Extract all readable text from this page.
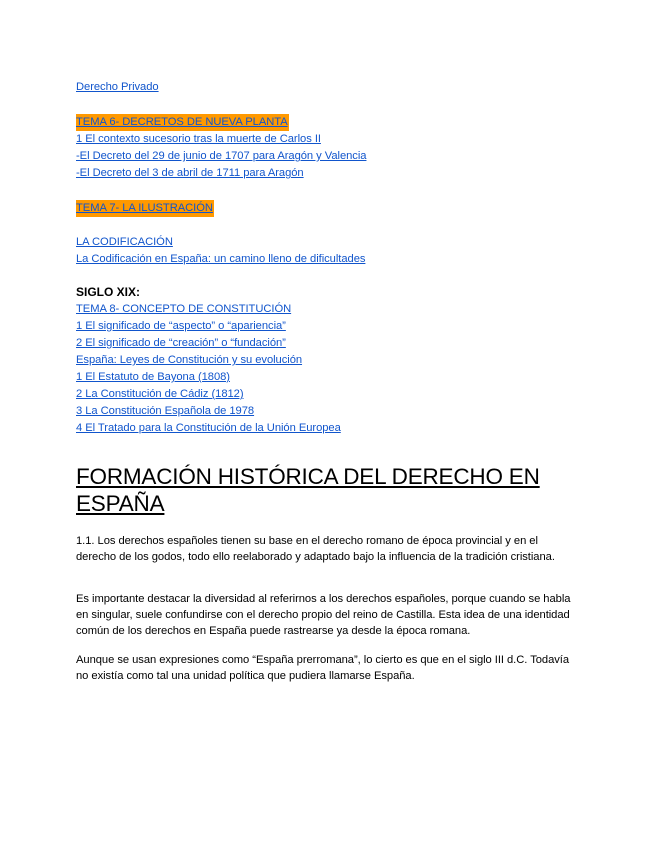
Derecho Privado
TEMA 6- DECRETOS DE NUEVA PLANTA
1 El contexto sucesorio tras la muerte de Carlos II
-El Decreto del 29 de junio de 1707 para Aragón y Valencia
-El Decreto del 3 de abril de 1711 para Aragón
TEMA 7- LA ILUSTRACIÓN
LA CODIFICACIÓN
La Codificación en España: un camino lleno de dificultades
SIGLO XIX:
TEMA 8- CONCEPTO DE CONSTITUCIÓN
1 El significado de “aspecto” o “apariencia”
2 El significado de “creación” o “fundación”
España: Leyes de Constitución y su evolución
1 El Estatuto de Bayona (1808)
2 La Constitución de Cádiz (1812)
3 La Constitución Española de 1978
4 El Tratado para la Constitución de la Unión Europea
FORMACIÓN HISTÓRICA DEL DERECHO EN ESPAÑA

1.1. Los derechos españoles tienen su base en el derecho romano de época provincial y en el derecho de los godos, todo ello reelaborado y adaptado bajo la influencia de la tradición cristiana.

Es importante destacar la diversidad al referirnos a los derechos españoles, porque cuando se habla en singular, suele confundirse con el derecho propio del reino de Castilla. Esta idea de una identidad común de los derechos en España puede rastrearse ya desde la época romana.

Aunque se usan expresiones como “España prerromana”, lo cierto es que en el siglo III d.C. Todavía no existía como tal una unidad política que pudiera llamarse España.
